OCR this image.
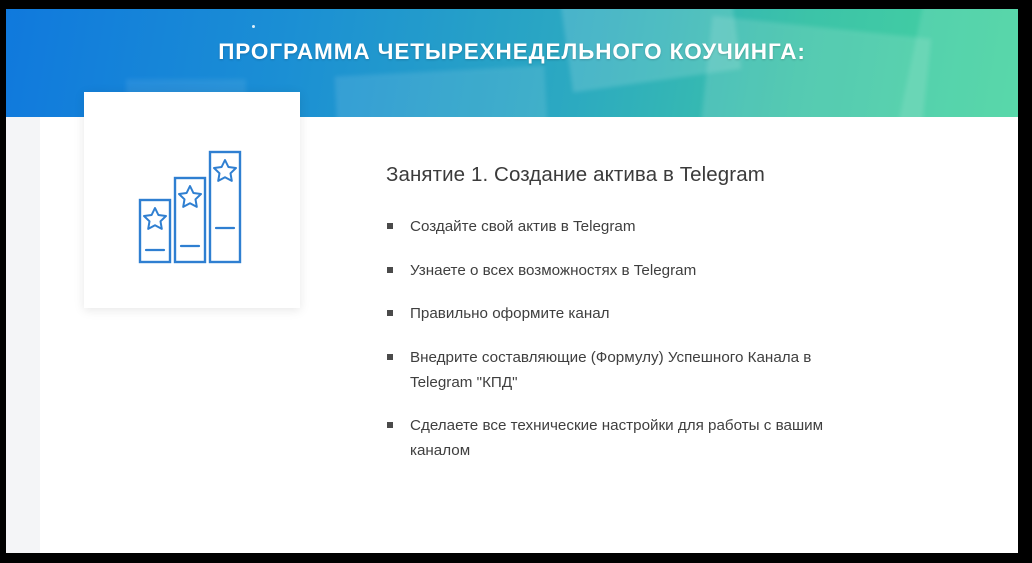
ПРОГРАММА ЧЕТЫРЕХНЕДЕЛЬНОГО КОУЧИНГА:
Занятие 1. Создание актива в Telegram
Создайте свой актив в Telegram
Узнаете о всех возможностях в Telegram
Правильно оформите канал
Внедрите составляющие (Формулу) Успешного Канала в Telegram "КПД"
Сделаете все технические настройки для работы с вашим каналом
